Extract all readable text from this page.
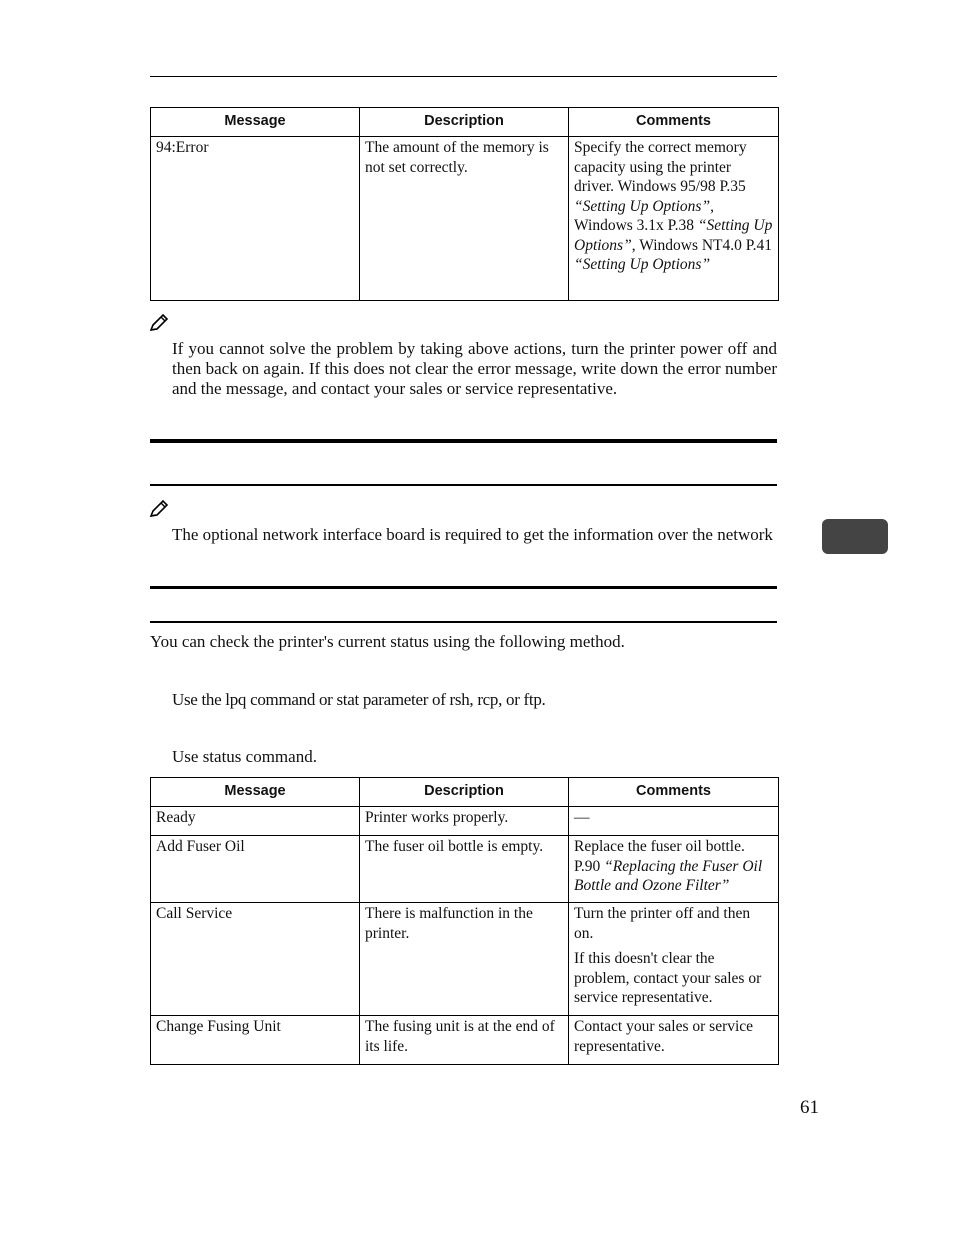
Message	Description	Comments
94:Error	The amount of the memory is not set correctly.	Specify the correct memory capacity using the printer driver. Windows 95/98 P.35 “Setting Up Options”, Windows 3.1x P.38 “Setting Up Options”, Windows NT4.0 P.41 “Setting Up Options”
If you cannot solve the problem by taking above actions, turn the printer power off and then back on again. If this does not clear the error message, write down the error number and the message, and contact your sales or service representative.
The optional network interface board is required to get the information over the network
You can check the printer's current status using the following method.
Use the lpq command or stat parameter of rsh, rcp, or ftp.
Use status command.
Message	Description	Comments
Ready	Printer works properly.	—
Add Fuser Oil	The fuser oil bottle is empty.	Replace the fuser oil bottle. P.90 “Replacing the Fuser Oil Bottle and Ozone Filter”
Call Service	There is malfunction in the printer.	Turn the printer off and then on.
If this doesn't clear the problem, contact your sales or service representative.

Change Fusing Unit	The fusing unit is at the end of its life.	Contact your sales or service representative.
61
